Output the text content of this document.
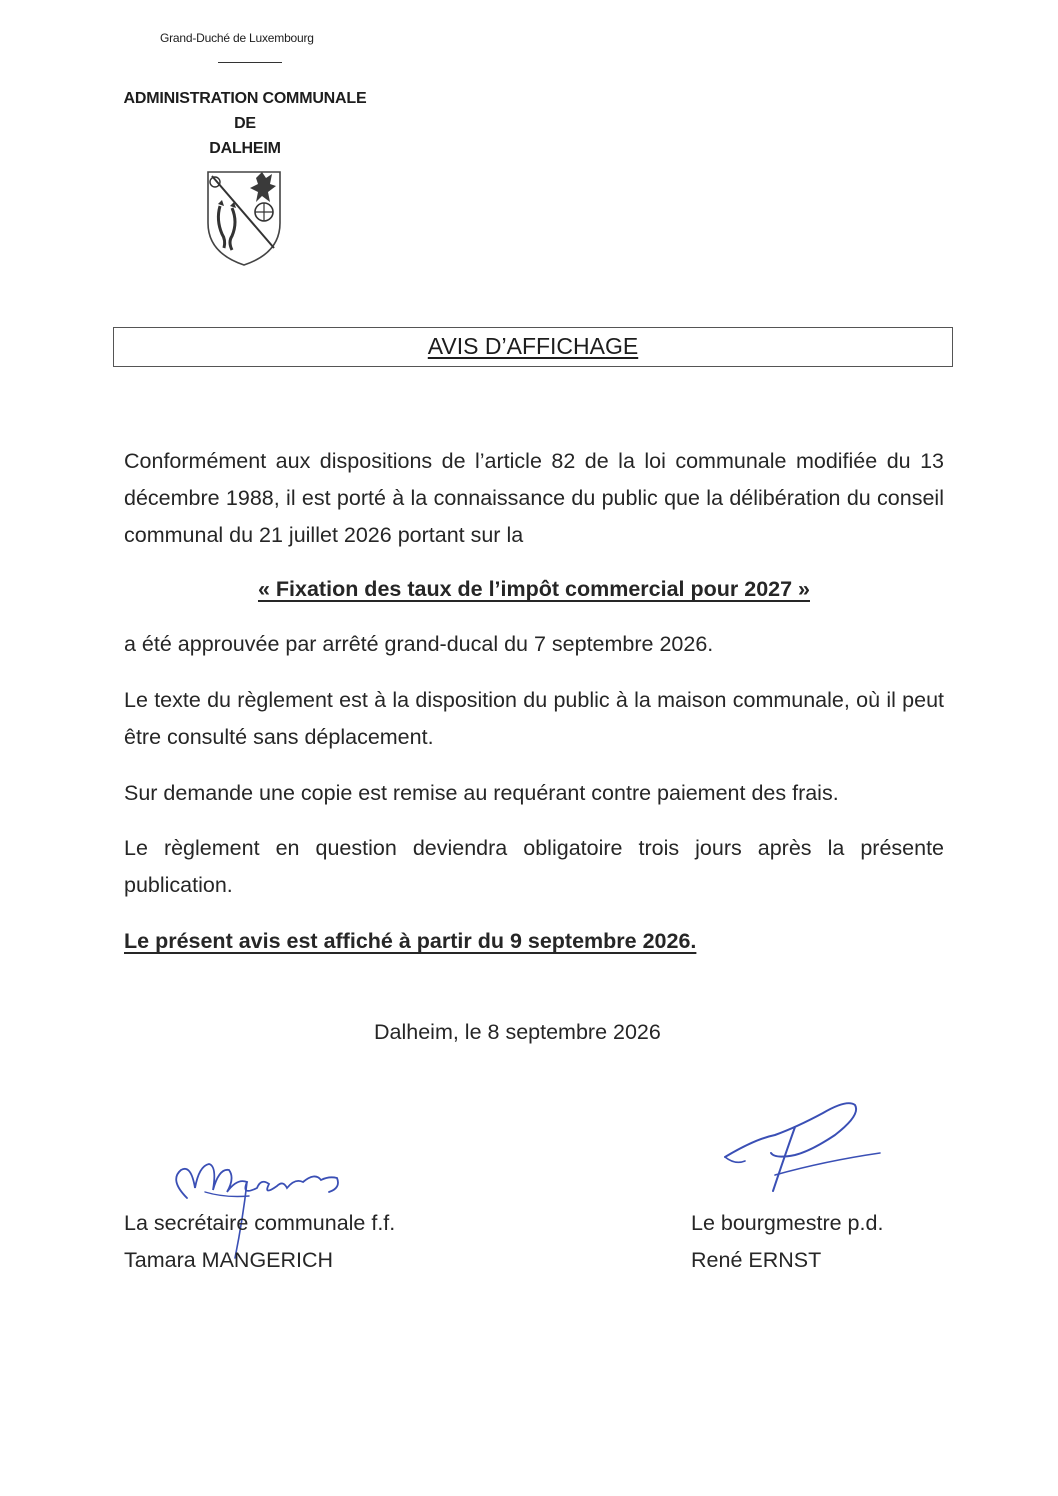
Grand-Duché de Luxembourg
ADMINISTRATION COMMUNALE
DE
DALHEIM
AVIS D’AFFICHAGE
Conformément aux dispositions de l’article 82 de la loi communale modifiée du 13 décembre 1988, il est porté à la connaissance du public que la délibération du conseil communal du 21 juillet 2026 portant sur la
« Fixation des taux de l’impôt commercial pour 2027 »
a été approuvée par arrêté grand-ducal du 7 septembre 2026.
Le texte du règlement est à la disposition du public à la maison communale, où il peut être consulté sans déplacement.
Sur demande une copie est remise au requérant contre paiement des frais.
Le règlement en question deviendra obligatoire trois jours après la présente publication.
Le présent avis est affiché à partir du 9 septembre 2026.
Dalheim, le 8 septembre 2026
La secrétaire communale f.f.
Tamara MANGERICH
Le bourgmestre p.d.
René ERNST
